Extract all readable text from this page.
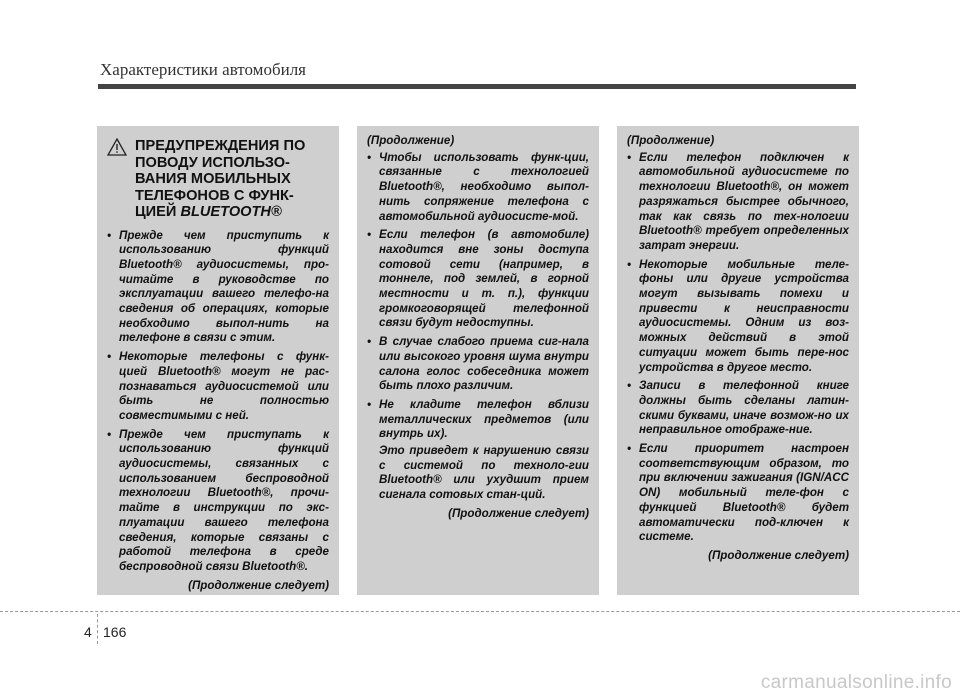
Характеристики автомобиля
ПРЕДУПРЕЖДЕНИЯ ПО ПОВОДУ ИСПОЛЬЗО-ВАНИЯ МОБИЛЬНЫХ ТЕЛЕФОНОВ С ФУНК-ЦИЕЙ BLUETOOTH®
• Прежде чем приступить к использованию функций Bluetooth® аудиосистемы, про-читайте в руководстве по эксплуатации вашего телефо-на сведения об операциях, которые необходимо выпол-нить на телефоне в связи с этим.
• Некоторые телефоны с функ-цией Bluetooth® могут не рас-познаваться аудиосистемой или быть не полностью совместимыми с ней.
• Прежде чем приступать к использованию функций аудиосистемы, связанных с использованием беспроводной технологии Bluetooth®, прочи-тайте в инструкции по экс-плуатации вашего телефона сведения, которые связаны с работой телефона в среде беспроводной связи Bluetooth®.
(Продолжение следует)
(Продолжение)
• Чтобы использовать функ-ции, связанные с технологией Bluetooth®, необходимо выпол-нить сопряжение телефона с автомобильной аудиосисте-мой.
• Если телефон (в автомобиле) находится вне зоны доступа сотовой сети (например, в тоннеле, под землей, в горной местности и т. п.), функции громкоговорящей телефонной связи будут недоступны.
• В случае слабого приема сиг-нала или высокого уровня шума внутри салона голос собеседника может быть плохо различим.
• Не кладите телефон вблизи металлических предметов (или внутрь их).
Это приведет к нарушению связи с системой по техноло-гии Bluetooth® или ухудшит прием сигнала сотовых стан-ций.
(Продолжение следует)
(Продолжение)
• Если телефон подключен к автомобильной аудиосистеме по технологии Bluetooth®, он может разряжаться быстрее обычного, так как связь по тех-нологии Bluetooth® требует определенных затрат энергии.
• Некоторые мобильные теле-фоны или другие устройства могут вызывать помехи и привести к неисправности аудиосистемы. Одним из воз-можных действий в этой ситуации может быть пере-нос устройства в другое место.
• Записи в телефонной книге должны быть сделаны латин-скими буквами, иначе возмож-но их неправильное отображе-ние.
• Если приоритет настроен соответствующим образом, то при включении зажигания (IGN/ACC ON) мобильный теле-фон с функцией Bluetooth® будет автоматически под-ключен к системе.
(Продолжение следует)
4 166
carmanualsonline.info
